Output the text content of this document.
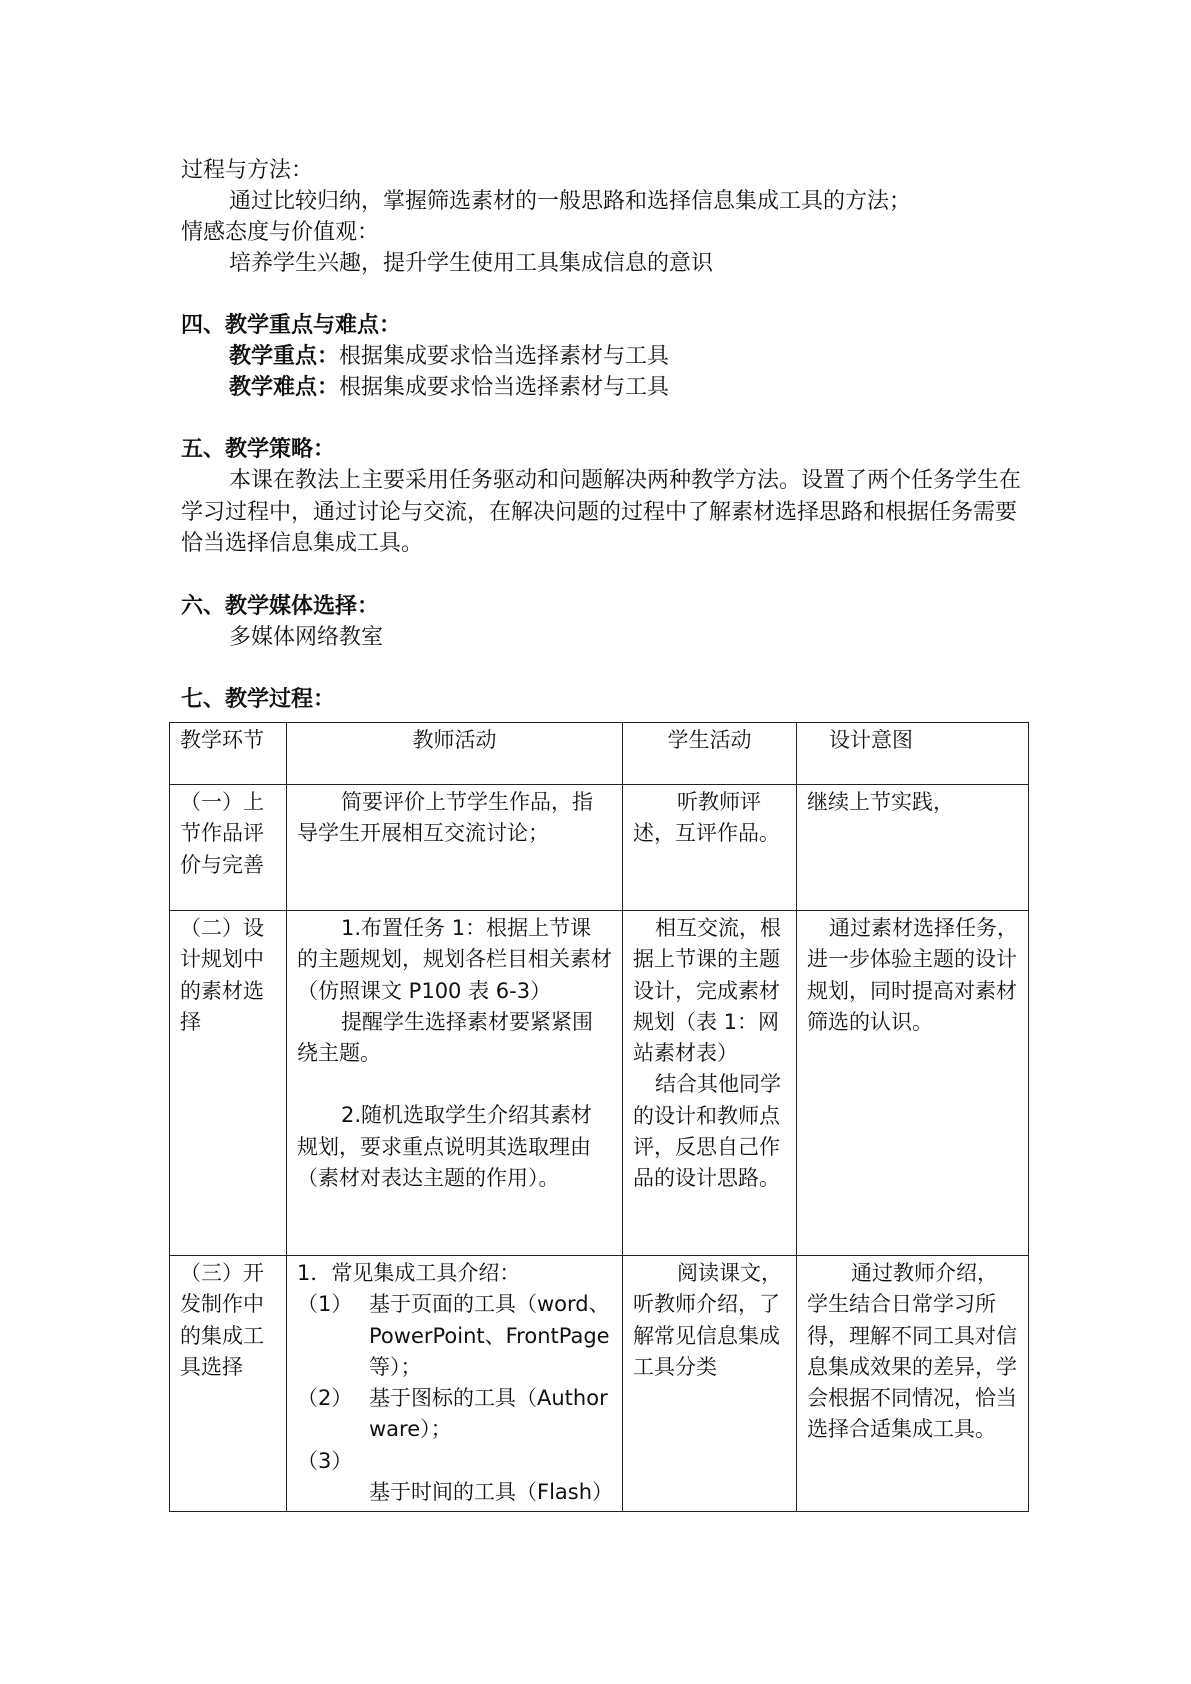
过程与方法：

通过比较归纳，掌握筛选素材的一般思路和选择信息集成工具的方法；

情感态度与价值观：

培养学生兴趣，提升学生使用工具集成信息的意识

四、教学重点与难点：

教学重点：根据集成要求恰当选择素材与工具

教学难点：根据集成要求恰当选择素材与工具

五、教学策略：

本课在教法上主要采用任务驱动和问题解决两种教学方法。设置了两个任务学生在学习过程中，通过讨论与交流，在解决问题的过程中了解素材选择思路和根据任务需要恰当选择信息集成工具。

六、教学媒体选择：

多媒体网络教室

七、教学过程：

教学环节	教师活动	学生活动	设计意图
（一）上节作品评价与完善	简要评价上节学生作品，指导学生开展相互交流讨论；	听教师评述，互评作品。	继续上节实践，
（二）设计规划中的素材选择	1.布置任务 1：根据上节课的主题规划，规划各栏目相关素材（仿照课文 P100 表 6-3）
提醒学生选择素材要紧紧围绕主题。
2.随机选取学生介绍其素材规划，要求重点说明其选取理由（素材对表达主题的作用）。	相互交流，根据上节课的主题设计，完成素材规划（表 1：网站素材表）
结合其他同学的设计和教师点评，反思自己作品的设计思路。	通过素材选择任务，进一步体验主题的设计规划，同时提高对素材筛选的认识。
（三）开发制作中的集成工具选择	1．常见集成工具介绍：
（1） 基于页面的工具（word、PowerPoint、FrontPage 等）；
（2） 基于图标的工具（Authorware）；
（3）基于时间的工具（Flash）	阅读课文，听教师介绍，了解常见信息集成工具分类	通过教师介绍，学生结合日常学习所得，理解不同工具对信息集成效果的差异，学会根据不同情况，恰当选择合适集成工具。
